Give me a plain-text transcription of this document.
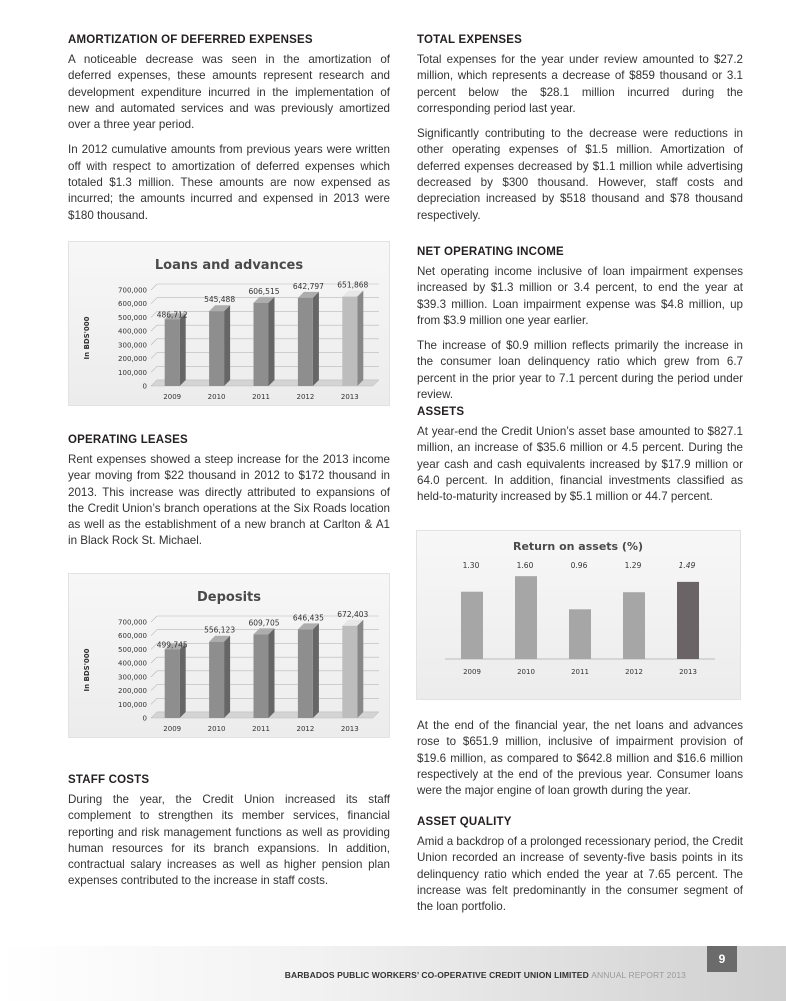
AMORTIZATION OF DEFERRED EXPENSES
A noticeable decrease was seen in the amortization of deferred expenses, these amounts represent research and development expenditure incurred in the implementation of new and automated services and was previously amortized over a three year period.
In 2012 cumulative amounts from previous years were written off with respect to amortization of deferred expenses which totaled $1.3 million. These amounts are now expensed as incurred; the amounts incurred and expensed in 2013 were $180 thousand.
OPERATING LEASES
Rent expenses showed a steep increase for the 2013 income year moving from $22 thousand in 2012 to $172 thousand in 2013. This increase was directly attributed to expansions of the Credit Union’s branch operations at the Six Roads location as well as the establishment of a new branch at Carlton & A1 in Black Rock St. Michael.
STAFF COSTS
During the year, the Credit Union increased its staff complement to strengthen its member services, financial reporting and risk management functions as well as providing human resources for its branch expansions. In addition, contractual salary increases as well as higher pension plan expenses contributed to the increase in staff costs.
TOTAL EXPENSES
Total expenses for the year under review amounted to $27.2 million, which represents a decrease of $859 thousand or 3.1 percent below the $28.1 million incurred during the corresponding period last year.
Significantly contributing to the decrease were reductions in other operating expenses of $1.5 million. Amortization of deferred expenses decreased by $1.1 million while advertising decreased by $300 thousand. However, staff costs and depreciation increased by $518 thousand and $78 thousand respectively.
NET OPERATING INCOME
Net operating income inclusive of loan impairment expenses increased by $1.3 million or 3.4 percent, to end the year at $39.3 million. Loan impairment expense was $4.8 million, up from $3.9 million one year earlier.
The increase of $0.9 million reflects primarily the increase in the consumer loan delinquency ratio which grew from 6.7 percent in the prior year to 7.1 percent during the period under review.
ASSETS
At year-end the Credit Union’s asset base amounted to $827.1 million, an increase of $35.6 million or 4.5 percent. During the year cash and cash equivalents increased by $17.9 million or 64.0 percent. In addition, financial investments classified as held-to-maturity increased by $5.1 million or 44.7 percent.
At the end of the financial year, the net loans and advances rose to $651.9 million, inclusive of impairment provision of $19.6 million, as compared to $642.8 million and $16.6 million respectively at the end of the previous year. Consumer loans were the major engine of loan growth during the year.
ASSET QUALITY
Amid a backdrop of a prolonged recessionary period, the Credit Union recorded an increase of seventy-five basis points in its delinquency ratio which ended the year at 7.65 percent. The increase was felt predominantly in the consumer segment of the loan portfolio.
Loans and advances
0
100,000
200,000
300,000
400,000
500,000
600,000
700,000
In BDS'000
486,712
2009
545,488
2010
606,515
2011
642,797
2012
651,868
2013
Deposits
0
100,000
200,000
300,000
400,000
500,000
600,000
700,000
In BDS'000
499,745
2009
556,123
2010
609,705
2011
646,435
2012
672,403
2013
Return on assets (%)
1.30
2009
1.60
2010
0.96
2011
1.29
2012
1.49
2013
9
BARBADOS PUBLIC WORKERS’ CO-OPERATIVE CREDIT UNION LIMITED ANNUAL REPORT 2013
